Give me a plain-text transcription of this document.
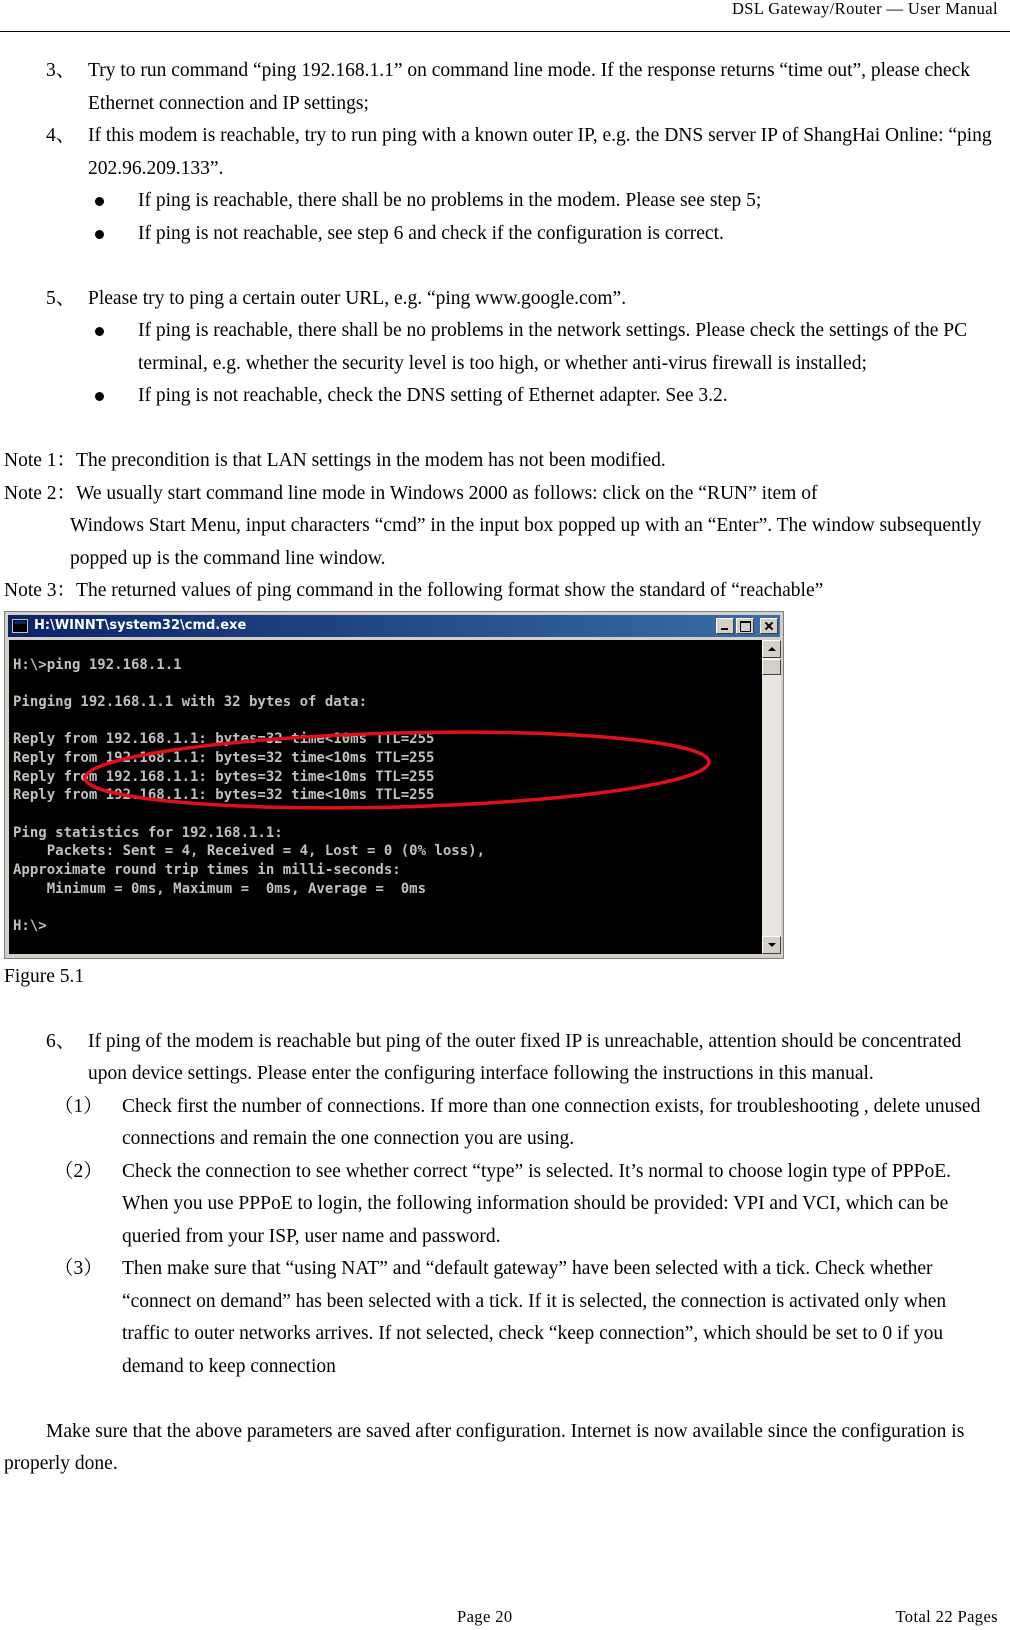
DSL Gateway/Router — User Manual
3、 Try to run command “ping 192.168.1.1” on command line mode. If the response returns “time out”, please check Ethernet connection and IP settings;
4、 If this modem is reachable, try to run ping with a known outer IP, e.g. the DNS server IP of ShangHai Online: “ping 202.96.209.133”.
If ping is reachable, there shall be no problems in the modem. Please see step 5;
If ping is not reachable, see step 6 and check if the configuration is correct.
5、 Please try to ping a certain outer URL, e.g. “ping www.google.com”.
If ping is reachable, there shall be no problems in the network settings. Please check the settings of the PC terminal, e.g. whether the security level is too high, or whether anti-virus firewall is installed;
If ping is not reachable, check the DNS setting of Ethernet adapter. See 3.2.
Note 1：The precondition is that LAN settings in the modem has not been modified.
Note 2：We usually start command line mode in Windows 2000 as follows: click on the “RUN” item of
Windows Start Menu, input characters “cmd” in the input box popped up with an “Enter”. The window subsequently popped up is the command line window.
Note 3：The returned values of ping command in the following format show the standard of “reachable”
H:\WINNT\system32\cmd.exe
H:\>ping 192.168.1.1
Pinging 192.168.1.1 with 32 bytes of data:
Reply from 192.168.1.1: bytes=32 time<10ms TTL=255
Reply from 192.168.1.1: bytes=32 time<10ms TTL=255
Reply from 192.168.1.1: bytes=32 time<10ms TTL=255
Reply from 192.168.1.1: bytes=32 time<10ms TTL=255
Ping statistics for 192.168.1.1:
Packets: Sent = 4, Received = 4, Lost = 0 (0% loss),
Approximate round trip times in milli-seconds:
Minimum = 0ms, Maximum =  0ms, Average =  0ms
H:\>
Figure 5.1
6、 If ping of the modem is reachable but ping of the outer fixed IP is unreachable, attention should be concentrated upon device settings. Please enter the configuring interface following the instructions in this manual.
（1） Check first the number of connections. If more than one connection exists, for troubleshooting , delete unused connections and remain the one connection you are using.
（2） Check the connection to see whether correct “type” is selected. It’s normal to choose login type of PPPoE. When you use PPPoE to login, the following information should be provided: VPI and VCI, which can be queried from your ISP, user name and password.
（3） Then make sure that “using NAT” and “default gateway” have been selected with a tick. Check whether “connect on demand” has been selected with a tick. If it is selected, the connection is activated only when traffic to outer networks arrives. If not selected, check “keep connection”, which should be set to 0 if you demand to keep connection
Make sure that the above parameters are saved after configuration. Internet is now available since the configuration is properly done.
Page 20	Total 22 Pages
